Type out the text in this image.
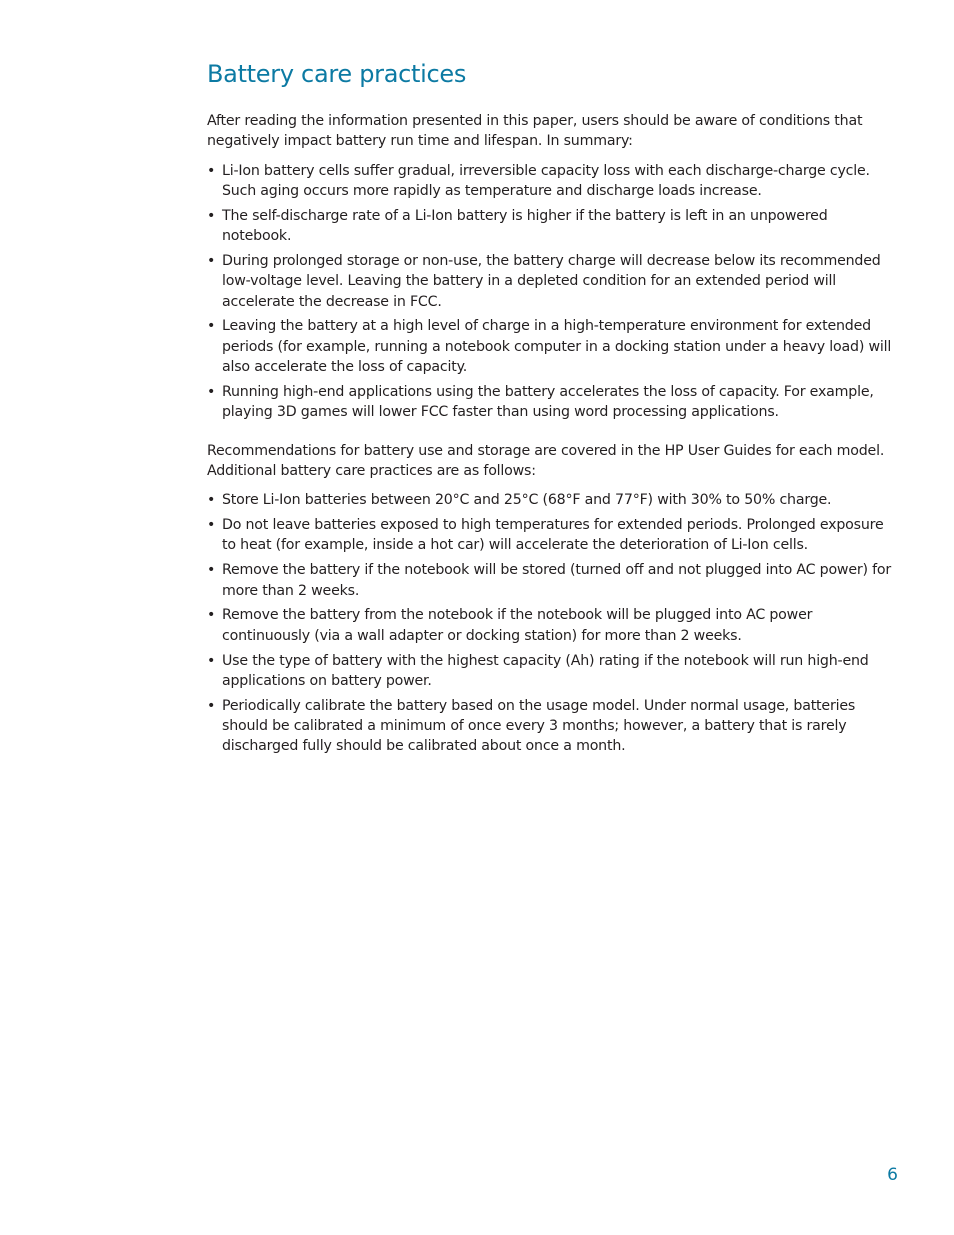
Battery care practices

After reading the information presented in this paper, users should be aware of conditions that negatively impact battery run time and lifespan. In summary:

• Li-Ion battery cells suffer gradual, irreversible capacity loss with each discharge-charge cycle. Such aging occurs more rapidly as temperature and discharge loads increase.
• The self-discharge rate of a Li-Ion battery is higher if the battery is left in an unpowered notebook.
• During prolonged storage or non-use, the battery charge will decrease below its recommended low-voltage level. Leaving the battery in a depleted condition for an extended period will accelerate the decrease in FCC.
• Leaving the battery at a high level of charge in a high-temperature environment for extended periods (for example, running a notebook computer in a docking station under a heavy load) will also accelerate the loss of capacity.
• Running high-end applications using the battery accelerates the loss of capacity. For example, playing 3D games will lower FCC faster than using word processing applications.

Recommendations for battery use and storage are covered in the HP User Guides for each model. Additional battery care practices are as follows:

• Store Li-Ion batteries between 20°C and 25°C (68°F and 77°F) with 30% to 50% charge.
• Do not leave batteries exposed to high temperatures for extended periods. Prolonged exposure to heat (for example, inside a hot car) will accelerate the deterioration of Li-Ion cells.
• Remove the battery if the notebook will be stored (turned off and not plugged into AC power) for more than 2 weeks.
• Remove the battery from the notebook if the notebook will be plugged into AC power continuously (via a wall adapter or docking station) for more than 2 weeks.
• Use the type of battery with the highest capacity (Ah) rating if the notebook will run high-end applications on battery power.
• Periodically calibrate the battery based on the usage model. Under normal usage, batteries should be calibrated a minimum of once every 3 months; however, a battery that is rarely discharged fully should be calibrated about once a month.
6
